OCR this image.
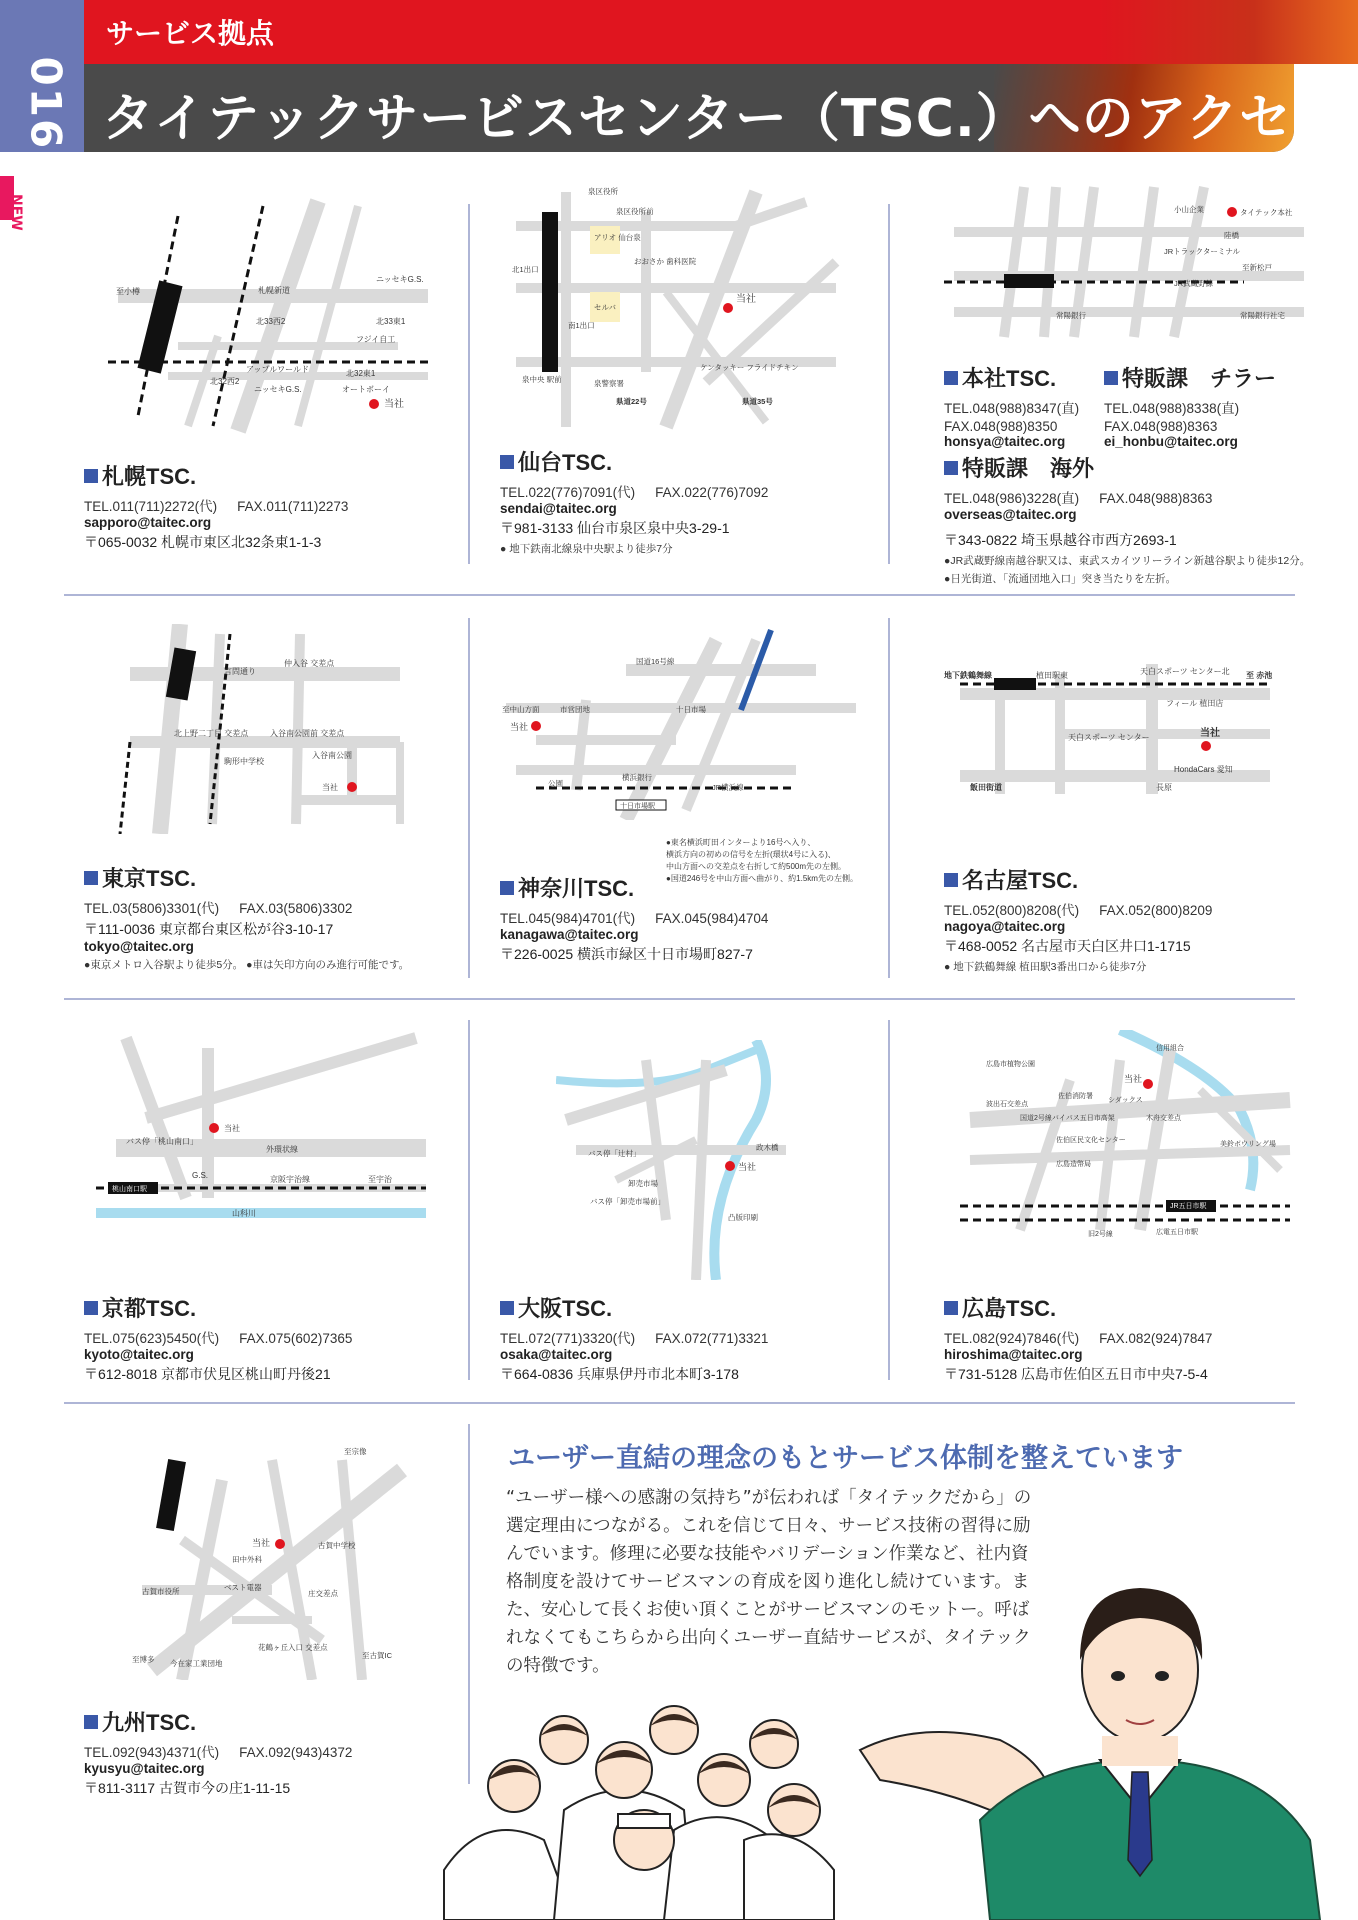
016
サービス拠点
タイテックサービスセンター（TSC.）へのアクセス
NEW
至小樽	札幌新道
北33西2	北33東1
ニッセキG.S.
フジイ自工
アップルワールド
北32西2
北32東1
ニッセキG.S.	オートボーイ
当社
札幌TSC.
TEL.011(711)2272(代) FAX.011(711)2273
sapporo@taitec.org
〒065-0032 札幌市東区北32条東1-1-3
泉区役所
泉区役所前
アリオ 仙台泉
おおさか 歯科医院
北1出口
南1出口
セルバ
当社
泉中央 駅前	泉警察署
ケンタッキー フライドチキン
県道22号	県道35号
仙台TSC.
TEL.022(776)7091(代) FAX.022(776)7092
sendai@taitec.org
〒981-3133 仙台市泉区泉中央3-29-1
● 地下鉄南北線泉中央駅より徒歩7分
小山企業	タイテック本社
陸橋
JRトラックターミナル
至新松戸
JR武蔵野線
常陽銀行	常陽銀行社宅
本社TSC.
TEL.048(988)8347(直)
FAX.048(988)8350
honsya@taitec.org
特販課　チラー
TEL.048(988)8338(直)
FAX.048(988)8363
ei_honbu@taitec.org
特販課　海外
TEL.048(986)3228(直) FAX.048(988)8363
overseas@taitec.org
〒343-0822 埼玉県越谷市西方2693-1
●JR武蔵野線南越谷駅又は、東武スカイツリーライン新越谷駅より徒歩12分。
●日光街道、「流通団地入口」突き当たりを左折。
言問通り
仲入谷 交差点
北上野二丁目 交差点	入谷南公園前 交差点
駒形中学校
入谷南公園
当社
東京TSC.
TEL.03(5806)3301(代) FAX.03(5806)3302
〒111-0036 東京都台東区松が谷3-10-17
tokyo@taitec.org
●東京メトロ入谷駅より徒歩5分。 ●車は矢印方向のみ進行可能です。
国道16号線
至中山方面	市営団地	十日市場
当社
公園
横浜銀行
JR横浜線
十日市場駅
●東名横浜町田インターより16号へ入り、
横浜方向の初めの信号を左折(環状4号に入る)、
中山方面への交差点を右折して約500m先の左側。
●国道246号を中山方面へ曲がり、約1.5km先の左側。
神奈川TSC.
TEL.045(984)4701(代) FAX.045(984)4704
kanagawa@taitec.org
〒226-0025 横浜市緑区十日市場町827-7
地下鉄鶴舞線	植田駅東	天白スポーツ センター北 至 赤池
フィール 植田店
天白スポーツ センター	当社
HondaCars 愛知
飯田街道	長原
名古屋TSC.
TEL.052(800)8208(代) FAX.052(800)8209
nagoya@taitec.org
〒468-0052 名古屋市天白区井口1-1715
● 地下鉄鶴舞線 植田駅3番出口から徒歩7分
当社
バス停「桃山南口」
外環状線
G.S.	京阪宇治線	至宇治
桃山南口駅
山科川
京都TSC.
TEL.075(623)5450(代) FAX.075(602)7365
kyoto@taitec.org
〒612-8018 京都市伏見区桃山町丹後21
バス停「辻村」
政木橋
当社
卸売市場
バス停「卸売市場前」
凸版印刷
大阪TSC.
TEL.072(771)3320(代) FAX.072(771)3321
osaka@taitec.org
〒664-0836 兵庫県伊丹市北本町3-178
信用組合
広島市植物公園
当社
佐伯消防署
シダックス
波出石交差点
国道2号線バイパス五日市高架	木舟交差点
佐伯区民文化センター
美鈴ボウリング場
広島造幣局
JR五日市駅
旧2号線	広電五日市駅
広島TSC.
TEL.082(924)7846(代) FAX.082(924)7847
hiroshima@taitec.org
〒731-5128 広島市佐伯区五日市中央7-5-4
至宗像
当社	古賀中学校
田中外科
古賀市役所	ベスト電器
庄交差点
至博多
花鶴ヶ丘入口 交差点
今在家工業団地
至古賀IC
九州TSC.
TEL.092(943)4371(代) FAX.092(943)4372
kyusyu@taitec.org
〒811-3117 古賀市今の庄1-11-15
ユーザー直結の理念のもとサービス体制を整えています
“ユーザー様への感謝の気持ち”が伝われば「タイテックだから」の選定理由につながる。これを信じて日々、サービス技術の習得に励んでいます。修理に必要な技能やバリデーション作業など、社内資格制度を設けてサービスマンの育成を図り進化し続けています。また、安心して長くお使い頂くことがサービスマンのモットー。呼ばれなくてもこちらから出向くユーザー直結サービスが、タイテックの特徴です。
